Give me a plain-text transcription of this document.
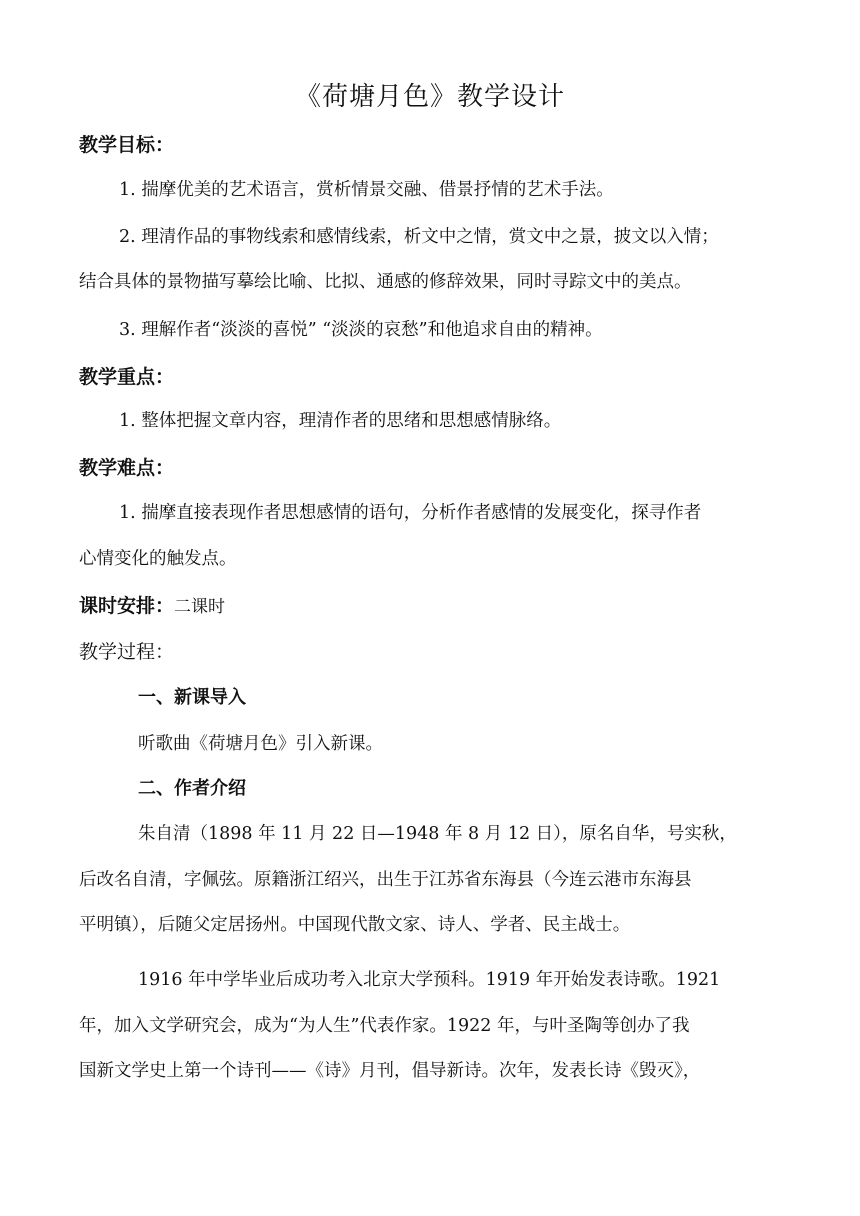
《荷塘月色》教学设计
教学目标：
1. 揣摩优美的艺术语言，赏析情景交融、借景抒情的艺术手法。
2. 理清作品的事物线索和感情线索，析文中之情，赏文中之景，披文以入情；
结合具体的景物描写摹绘比喻、比拟、通感的修辞效果，同时寻踪文中的美点。
3. 理解作者“淡淡的喜悦” “淡淡的哀愁”和他追求自由的精神。
教学重点：
1. 整体把握文章内容，理清作者的思绪和思想感情脉络。
教学难点：
1. 揣摩直接表现作者思想感情的语句，分析作者感情的发展变化，探寻作者
心情变化的触发点。
课时安排：二课时
教学过程：
一、新课导入
听歌曲《荷塘月色》引入新课。
二、作者介绍
朱自清（1898 年 11 月 22 日—1948 年 8 月 12 日），原名自华，号实秋，
后改名自清，字佩弦。原籍浙江绍兴，出生于江苏省东海县（今连云港市东海县
平明镇），后随父定居扬州。中国现代散文家、诗人、学者、民主战士。
1916 年中学毕业后成功考入北京大学预科。1919 年开始发表诗歌。1921
年，加入文学研究会，成为“为人生”代表作家。1922 年，与叶圣陶等创办了我
国新文学史上第一个诗刊——《诗》月刊，倡导新诗。次年，发表长诗《毁灭》，
